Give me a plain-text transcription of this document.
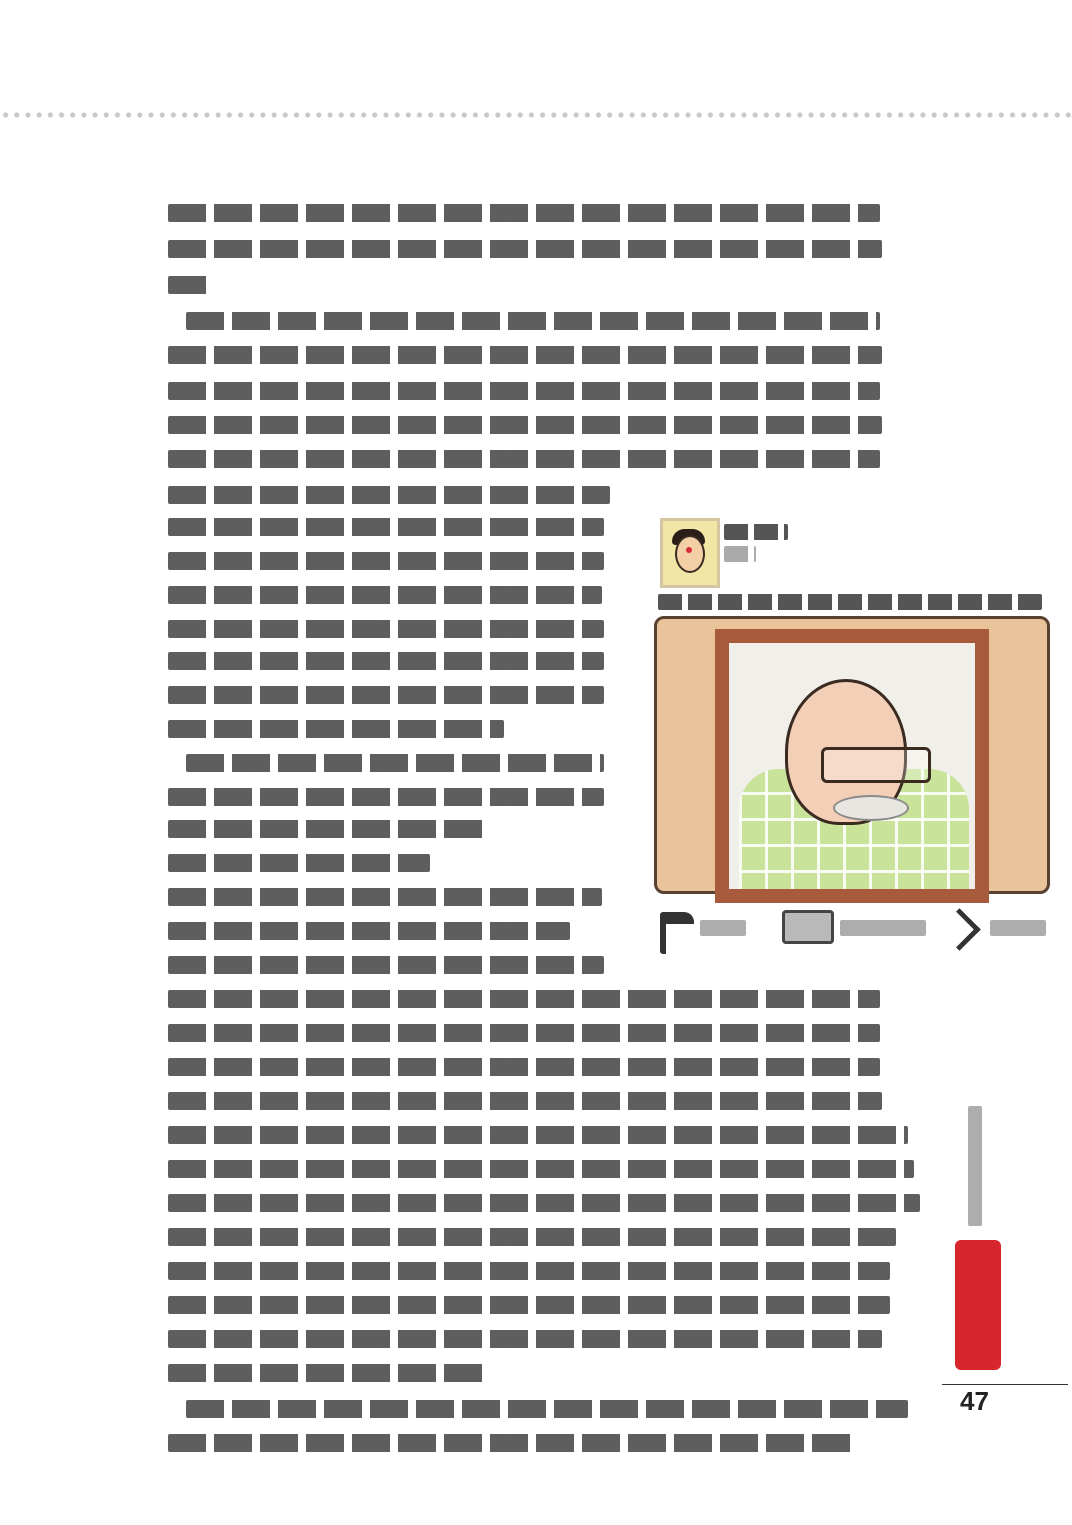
47
